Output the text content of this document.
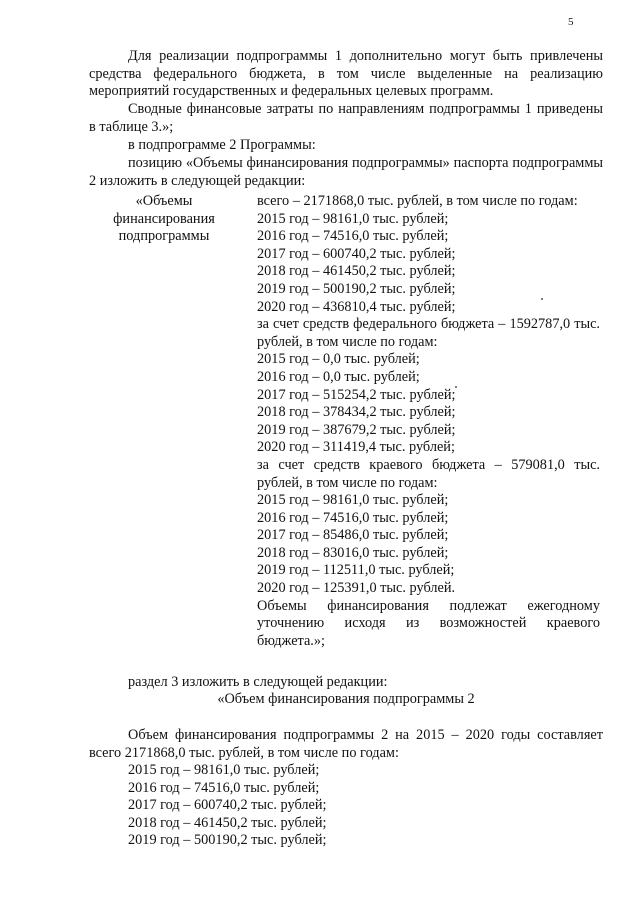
5
Для реализации подпрограммы 1 дополнительно могут быть привлечены средства федерального бюджета, в том числе выделенные на реализацию мероприятий государственных и федеральных целевых программ.
Сводные финансовые затраты по направлениям подпрограммы 1 приведены в таблице 3.»;
в подпрограмме 2 Программы:
позицию «Объемы финансирования подпрограммы» паспорта подпрограммы 2 изложить в следующей редакции:
«Объемы финансирования подпрограммы
всего – 2171868,0 тыс. рублей, в том числе по годам:
2015 год – 98161,0 тыс. рублей;
2016 год – 74516,0 тыс. рублей;
2017 год – 600740,2 тыс. рублей;
2018 год – 461450,2 тыс. рублей;
2019 год – 500190,2 тыс. рублей;
2020 год – 436810,4 тыс. рублей;
за счет средств федерального бюджета – 1592787,0 тыс. рублей, в том числе по годам:
2015 год – 0,0 тыс. рублей;
2016 год – 0,0 тыс. рублей;
2017 год – 515254,2 тыс. рублей;
2018 год – 378434,2 тыс. рублей;
2019 год – 387679,2 тыс. рублей;
2020 год – 311419,4 тыс. рублей;
за счет средств краевого бюджета – 579081,0 тыс. рублей, в том числе по годам:
2015 год – 98161,0 тыс. рублей;
2016 год – 74516,0 тыс. рублей;
2017 год – 85486,0 тыс. рублей;
2018 год – 83016,0 тыс. рублей;
2019 год – 112511,0 тыс. рублей;
2020 год – 125391,0 тыс. рублей.
Объемы финансирования подлежат ежегодному уточнению исходя из возможностей краевого бюджета.»;
раздел 3 изложить в следующей редакции:
«Объем финансирования подпрограммы 2
Объем финансирования подпрограммы 2 на 2015 – 2020 годы составляет всего 2171868,0 тыс. рублей, в том числе по годам:
2015 год – 98161,0 тыс. рублей;
2016 год – 74516,0 тыс. рублей;
2017 год – 600740,2 тыс. рублей;
2018 год – 461450,2 тыс. рублей;
2019 год – 500190,2 тыс. рублей;
